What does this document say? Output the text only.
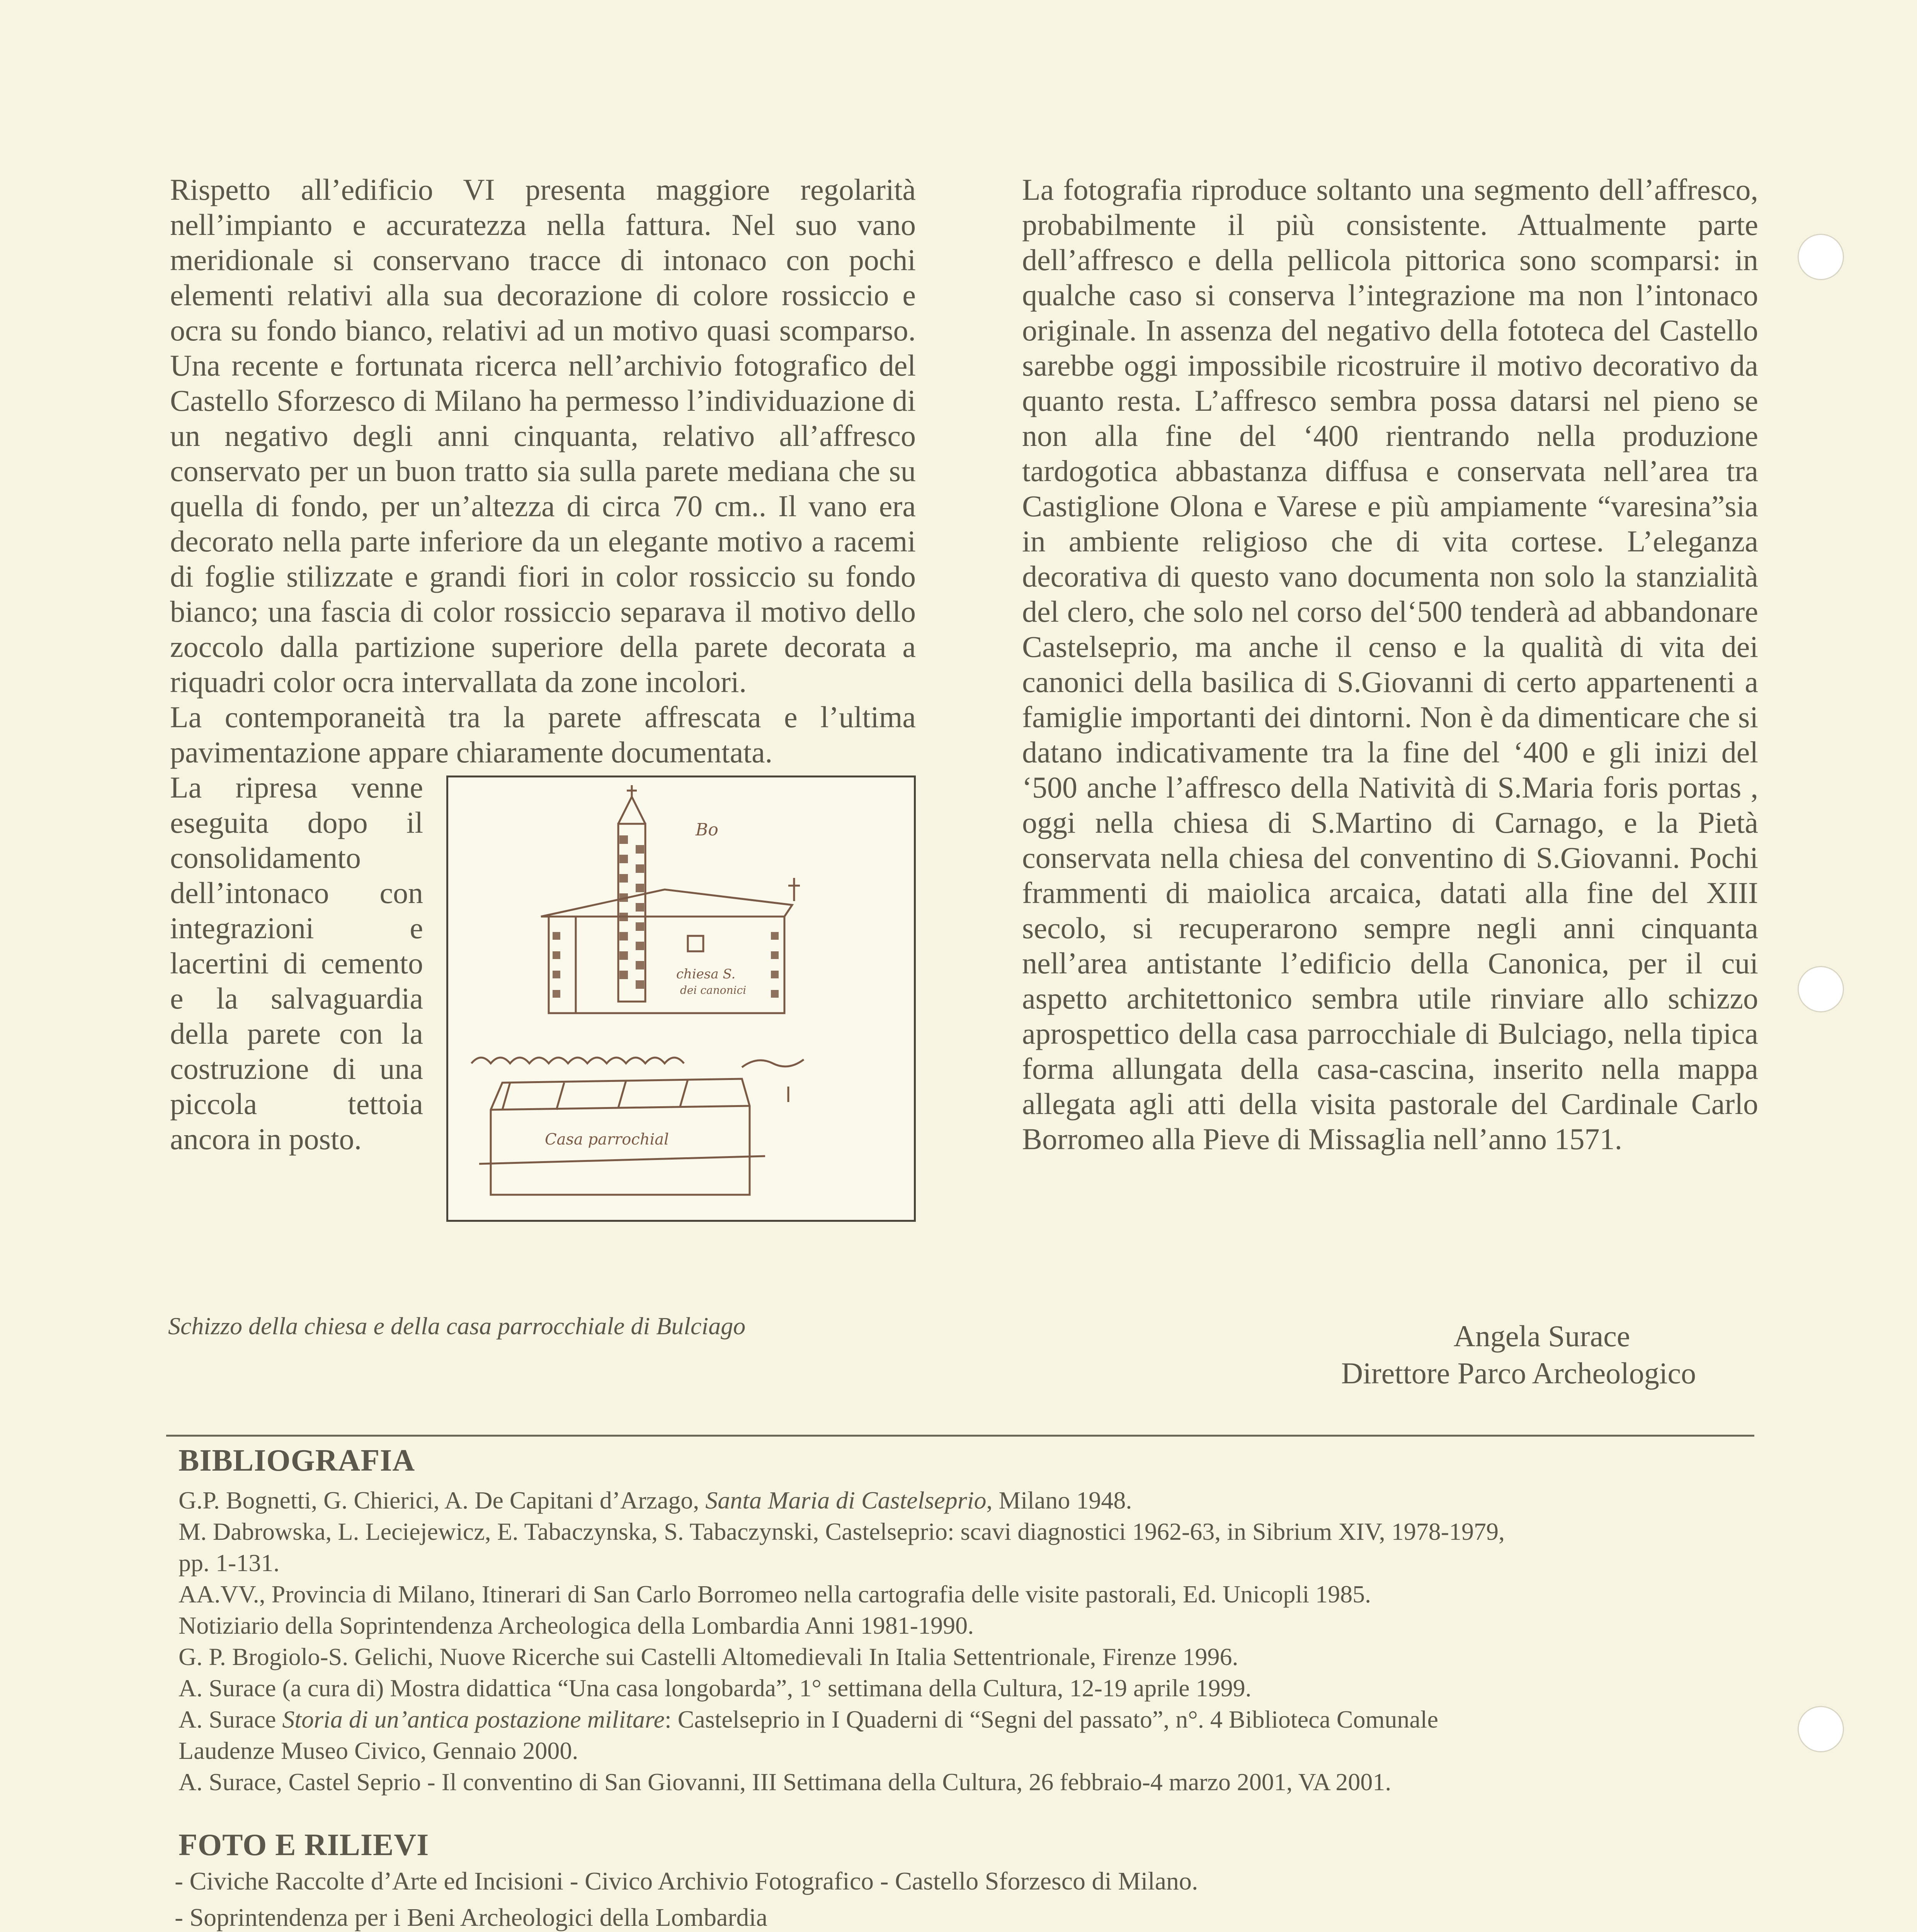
Rispetto all’edificio VI presenta maggiore regolarità nell’impianto e accuratezza nella fattura. Nel suo vano meridionale si conservano tracce di intonaco con pochi elementi relativi alla sua decorazione di colore rossiccio e ocra su fondo bianco, relativi ad un motivo quasi scomparso. Una recente e fortunata ricerca nell’archivio fotografico del Castello Sforzesco di Milano ha permesso l’individuazione di un negativo degli anni cinquanta, relativo all’affresco conservato per un buon tratto sia sulla parete mediana che su quella di fondo, per un’altezza di circa 70 cm.. Il vano era decorato nella parte inferiore da un elegante motivo a racemi di foglie stilizzate e grandi fiori in color rossiccio su fondo bianco; una fascia di color rossiccio separava il motivo dello zoccolo dalla partizione superiore della parete decorata a riquadri color ocra intervallata da zone incolori.

La contemporaneità tra la parete affrescata e l’ultima pavimentazione appare chiaramente documentata.

Bo
chiesa S.
dei canonici
Casa parrochial

La ripresa venne eseguita dopo il consolidamento dell’intonaco con integrazioni e lacertini di cemento e la salvaguardia della parete con la costruzione di una piccola tettoia ancora in posto.

Schizzo della chiesa e della casa parrocchiale di Bulciago

La fotografia riproduce soltanto una segmento dell’affresco, probabilmente il più consistente. Attualmente parte dell’affresco e della pellicola pittorica sono scomparsi: in qualche caso si conserva l’integrazione ma non l’intonaco originale. In assenza del negativo della fototeca del Castello sarebbe oggi impossibile ricostruire il motivo decorativo da quanto resta. L’affresco sembra possa datarsi nel pieno se non alla fine del ‘400 rientrando nella produzione tardogotica abbastanza diffusa e conservata nell’area tra Castiglione Olona e Varese e più ampiamente “varesina”sia in ambiente religioso che di vita cortese. L’eleganza decorativa di questo vano documenta non solo la stanzialità del clero, che solo nel corso del‘500 tenderà ad abbandonare Castelseprio, ma anche il censo e la qualità di vita dei canonici della basilica di S.Giovanni di certo appartenenti a famiglie importanti dei dintorni. Non è da dimenticare che si datano indicativamente tra la fine del ‘400 e gli inizi del ‘500 anche l’affresco della Natività di S.Maria foris portas , oggi nella chiesa di S.Martino di Carnago, e la Pietà conservata nella chiesa del conventino di S.Giovanni. Pochi frammenti di maiolica arcaica, datati alla fine del XIII secolo, si recuperarono sempre negli anni cinquanta nell’area antistante l’edificio della Canonica, per il cui aspetto architettonico sembra utile rinviare allo schizzo aprospettico della casa parrocchiale di Bulciago, nella tipica forma allungata della casa-cascina, inserito nella mappa allegata agli atti della visita pastorale del Cardinale Carlo Borromeo alla Pieve di Missaglia nell’anno 1571.

Angela Surace
Direttore Parco Archeologico
BIBLIOGRAFIA
G.P. Bognetti, G. Chierici, A. De Capitani d’Arzago, Santa Maria di Castelseprio, Milano 1948.
M. Dabrowska, L. Leciejewicz, E. Tabaczynska, S. Tabaczynski, Castelseprio: scavi diagnostici 1962-63, in Sibrium XIV, 1978-1979,
pp. 1-131.
AA.VV., Provincia di Milano, Itinerari di San Carlo Borromeo nella cartografia delle visite pastorali, Ed. Unicopli 1985.
Notiziario della Soprintendenza Archeologica della Lombardia Anni 1981-1990.
G. P. Brogiolo-S. Gelichi, Nuove Ricerche sui Castelli Altomedievali In Italia Settentrionale, Firenze 1996.
A. Surace (a cura di) Mostra didattica “Una casa longobarda”, 1° settimana della Cultura, 12-19 aprile 1999.
A. Surace Storia di un’antica postazione militare: Castelseprio in I Quaderni di “Segni del passato”, n°. 4 Biblioteca Comunale
Laudenze Museo Civico, Gennaio 2000.
A. Surace, Castel Seprio - Il conventino di San Giovanni, III Settimana della Cultura, 26 febbraio-4 marzo 2001, VA 2001.
FOTO E RILIEVI
- Civiche Raccolte d’Arte ed Incisioni - Civico Archivio Fotografico - Castello Sforzesco di Milano.
- Soprintendenza per i Beni Archeologici della Lombardia
